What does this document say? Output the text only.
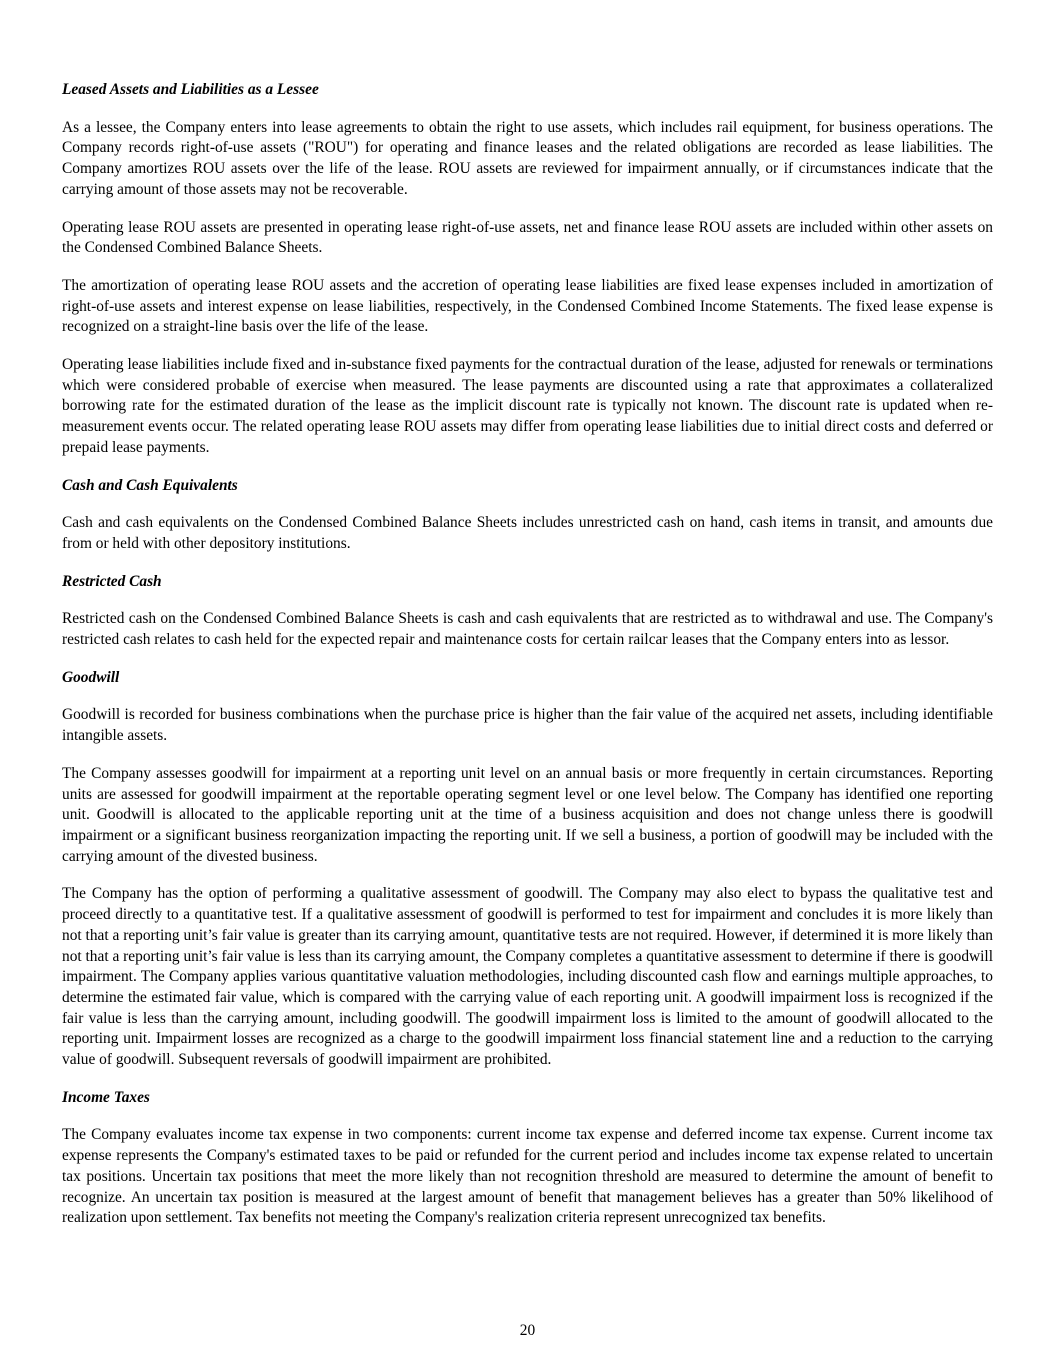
Leased Assets and Liabilities as a Lessee

As a lessee, the Company enters into lease agreements to obtain the right to use assets, which includes rail equipment, for business operations. The Company records right-of-use assets ("ROU") for operating and finance leases and the related obligations are recorded as lease liabilities. The Company amortizes ROU assets over the life of the lease. ROU assets are reviewed for impairment annually, or if circumstances indicate that the carrying amount of those assets may not be recoverable.

Operating lease ROU assets are presented in operating lease right-of-use assets, net and finance lease ROU assets are included within other assets on the Condensed Combined Balance Sheets.

The amortization of operating lease ROU assets and the accretion of operating lease liabilities are fixed lease expenses included in amortization of right-of-use assets and interest expense on lease liabilities, respectively, in the Condensed Combined Income Statements. The fixed lease expense is recognized on a straight-line basis over the life of the lease.

Operating lease liabilities include fixed and in-substance fixed payments for the contractual duration of the lease, adjusted for renewals or terminations which were considered probable of exercise when measured. The lease payments are discounted using a rate that approximates a collateralized borrowing rate for the estimated duration of the lease as the implicit discount rate is typically not known. The discount rate is updated when re-measurement events occur. The related operating lease ROU assets may differ from operating lease liabilities due to initial direct costs and deferred or prepaid lease payments.

Cash and Cash Equivalents

Cash and cash equivalents on the Condensed Combined Balance Sheets includes unrestricted cash on hand, cash items in transit, and amounts due from or held with other depository institutions.

Restricted Cash

Restricted cash on the Condensed Combined Balance Sheets is cash and cash equivalents that are restricted as to withdrawal and use. The Company's restricted cash relates to cash held for the expected repair and maintenance costs for certain railcar leases that the Company enters into as lessor.

Goodwill

Goodwill is recorded for business combinations when the purchase price is higher than the fair value of the acquired net assets, including identifiable intangible assets.

The Company assesses goodwill for impairment at a reporting unit level on an annual basis or more frequently in certain circumstances. Reporting units are assessed for goodwill impairment at the reportable operating segment level or one level below. The Company has identified one reporting unit. Goodwill is allocated to the applicable reporting unit at the time of a business acquisition and does not change unless there is goodwill impairment or a significant business reorganization impacting the reporting unit. If we sell a business, a portion of goodwill may be included with the carrying amount of the divested business.

The Company has the option of performing a qualitative assessment of goodwill. The Company may also elect to bypass the qualitative test and proceed directly to a quantitative test. If a qualitative assessment of goodwill is performed to test for impairment and concludes it is more likely than not that a reporting unit’s fair value is greater than its carrying amount, quantitative tests are not required. However, if determined it is more likely than not that a reporting unit’s fair value is less than its carrying amount, the Company completes a quantitative assessment to determine if there is goodwill impairment. The Company applies various quantitative valuation methodologies, including discounted cash flow and earnings multiple approaches, to determine the estimated fair value, which is compared with the carrying value of each reporting unit. A goodwill impairment loss is recognized if the fair value is less than the carrying amount, including goodwill. The goodwill impairment loss is limited to the amount of goodwill allocated to the reporting unit. Impairment losses are recognized as a charge to the goodwill impairment loss financial statement line and a reduction to the carrying value of goodwill. Subsequent reversals of goodwill impairment are prohibited.

Income Taxes

The Company evaluates income tax expense in two components: current income tax expense and deferred income tax expense. Current income tax expense represents the Company's estimated taxes to be paid or refunded for the current period and includes income tax expense related to uncertain tax positions. Uncertain tax positions that meet the more likely than not recognition threshold are measured to determine the amount of benefit to recognize. An uncertain tax position is measured at the largest amount of benefit that management believes has a greater than 50% likelihood of realization upon settlement. Tax benefits not meeting the Company's realization criteria represent unrecognized tax benefits.

20
